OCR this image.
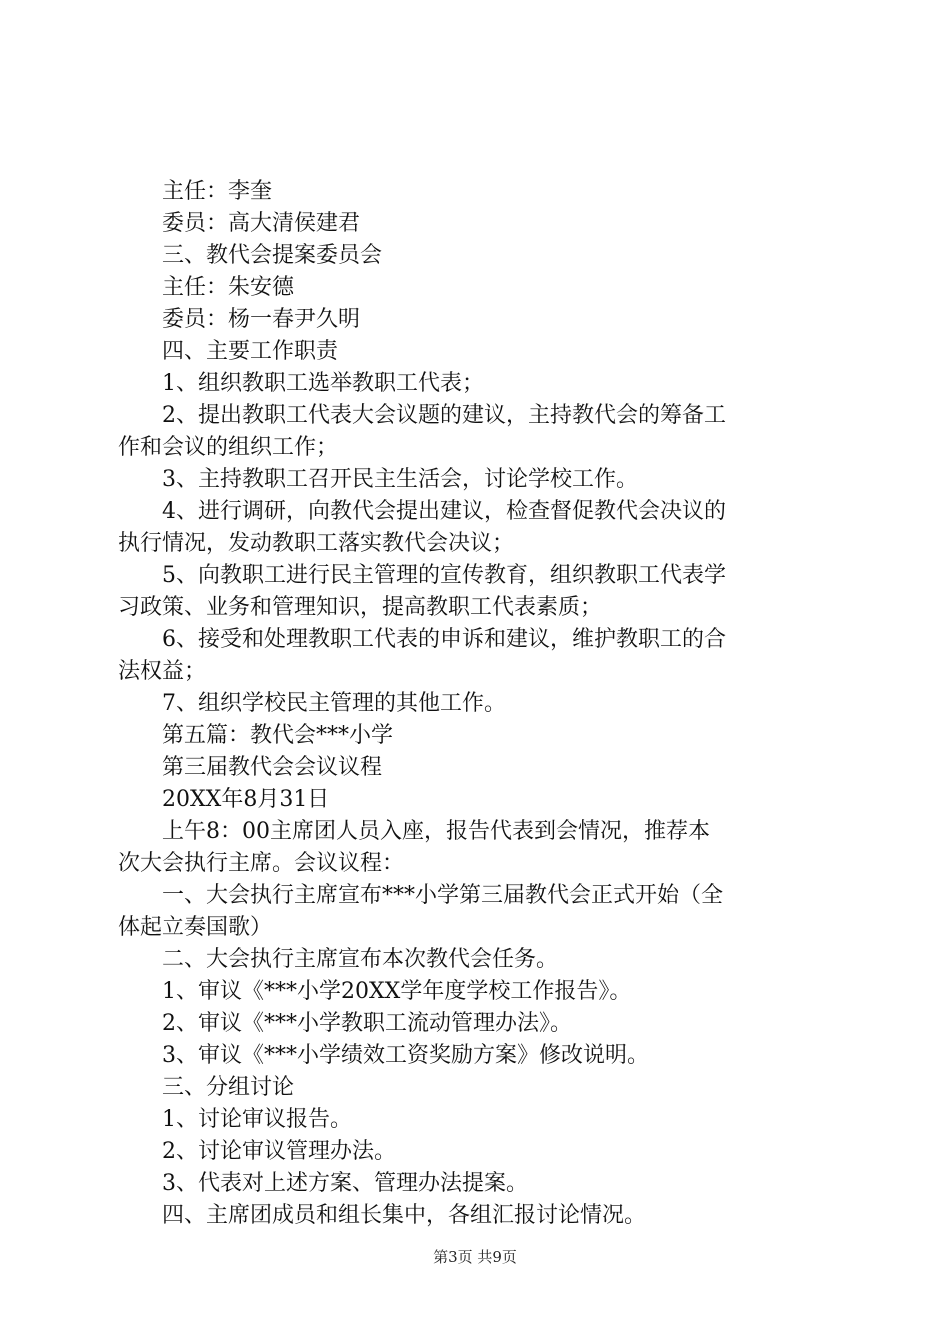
主任：李奎
委员：高大清侯建君
三、教代会提案委员会
主任：朱安德
委员：杨一春尹久明
四、主要工作职责
1、组织教职工选举教职工代表；
2、提出教职工代表大会议题的建议，主持教代会的筹备工
作和会议的组织工作；
3、主持教职工召开民主生活会，讨论学校工作。
4、进行调研，向教代会提出建议，检查督促教代会决议的
执行情况，发动教职工落实教代会决议；
5、向教职工进行民主管理的宣传教育，组织教职工代表学
习政策、业务和管理知识，提高教职工代表素质；
6、接受和处理教职工代表的申诉和建议，维护教职工的合
法权益；
7、组织学校民主管理的其他工作。
第五篇：教代会***小学
第三届教代会会议议程
20XX年8月31日
上午8：00主席团人员入座，报告代表到会情况，推荐本
次大会执行主席。会议议程：
一、大会执行主席宣布***小学第三届教代会正式开始（全
体起立奏国歌）
二、大会执行主席宣布本次教代会任务。
1、审议《***小学20XX学年度学校工作报告》。
2、审议《***小学教职工流动管理办法》。
3、审议《***小学绩效工资奖励方案》修改说明。
三、分组讨论
1、讨论审议报告。
2、讨论审议管理办法。
3、代表对上述方案、管理办法提案。
四、主席团成员和组长集中，各组汇报讨论情况。
第3页 共9页
